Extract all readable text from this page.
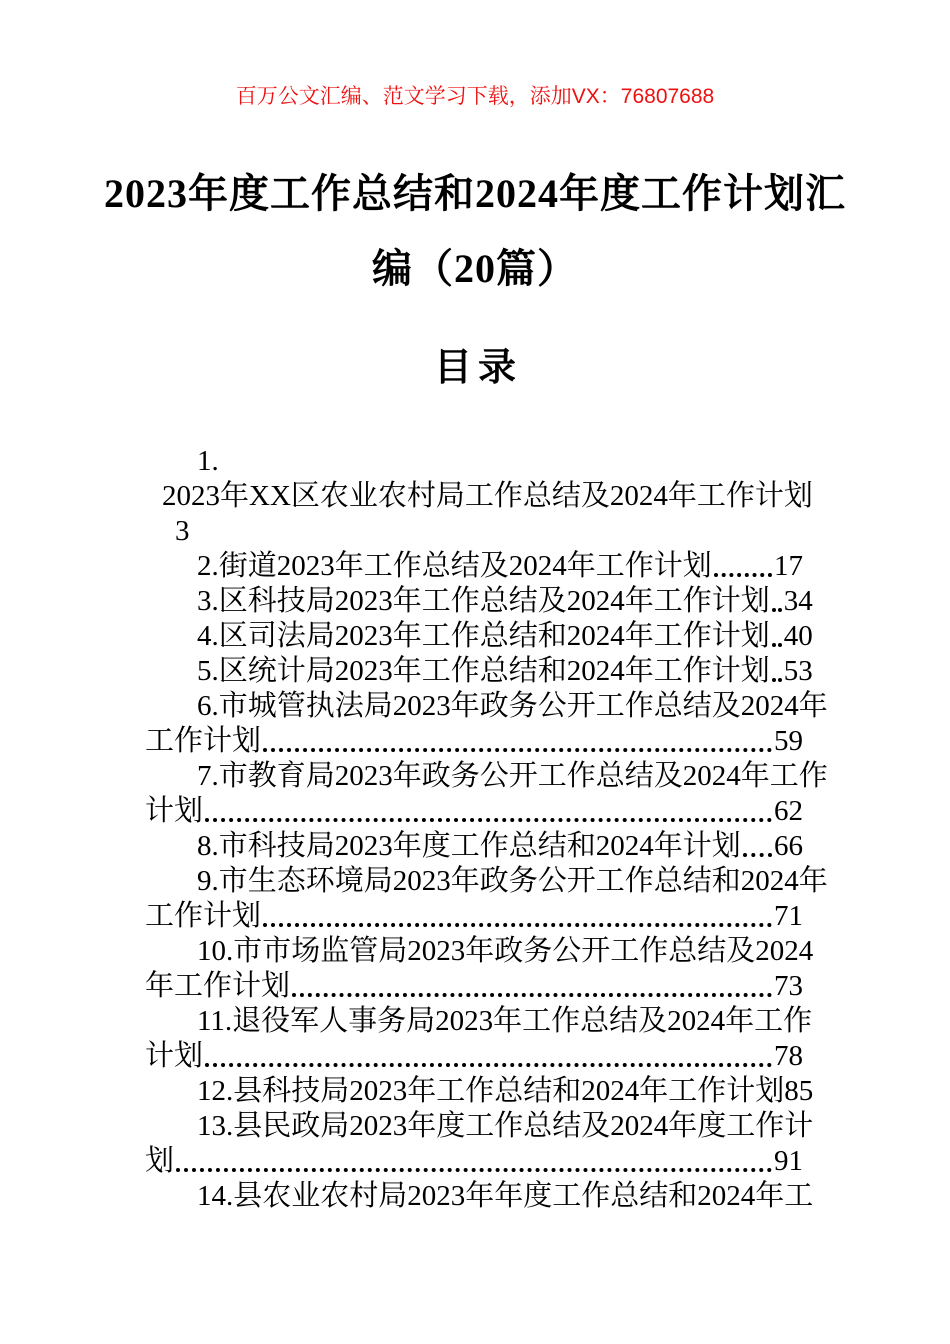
百万公文汇编、范文学习下载，添加VX：76807688
2023年度工作总结和2024年度工作计划汇
编（20篇）
目录
1.
2023年XX区农业农村局工作总结及2024年工作计划
3
2.街道2023年工作总结及2024年工作计划 17
3.区科技局2023年工作总结及2024年工作计划 34
4.区司法局2023年工作总结和2024年工作计划 40
5.区统计局2023年工作总结和2024年工作计划 53
6.市城管执法局2023年政务公开工作总结及2024年
工作计划	59
7.市教育局2023年政务公开工作总结及2024年工作
计划	62
8.市科技局2023年度工作总结和2024年计划 66
9.市生态环境局2023年政务公开工作总结和2024年
工作计划	71
10.市市场监管局2023年政务公开工作总结及2024
年工作计划	73
11.退役军人事务局2023年工作总结及2024年工作
计划	78
12.县科技局2023年工作总结和2024年工作计划 85
13.县民政局2023年度工作总结及2024年度工作计
划	91
14.县农业农村局2023年年度工作总结和2024年工
